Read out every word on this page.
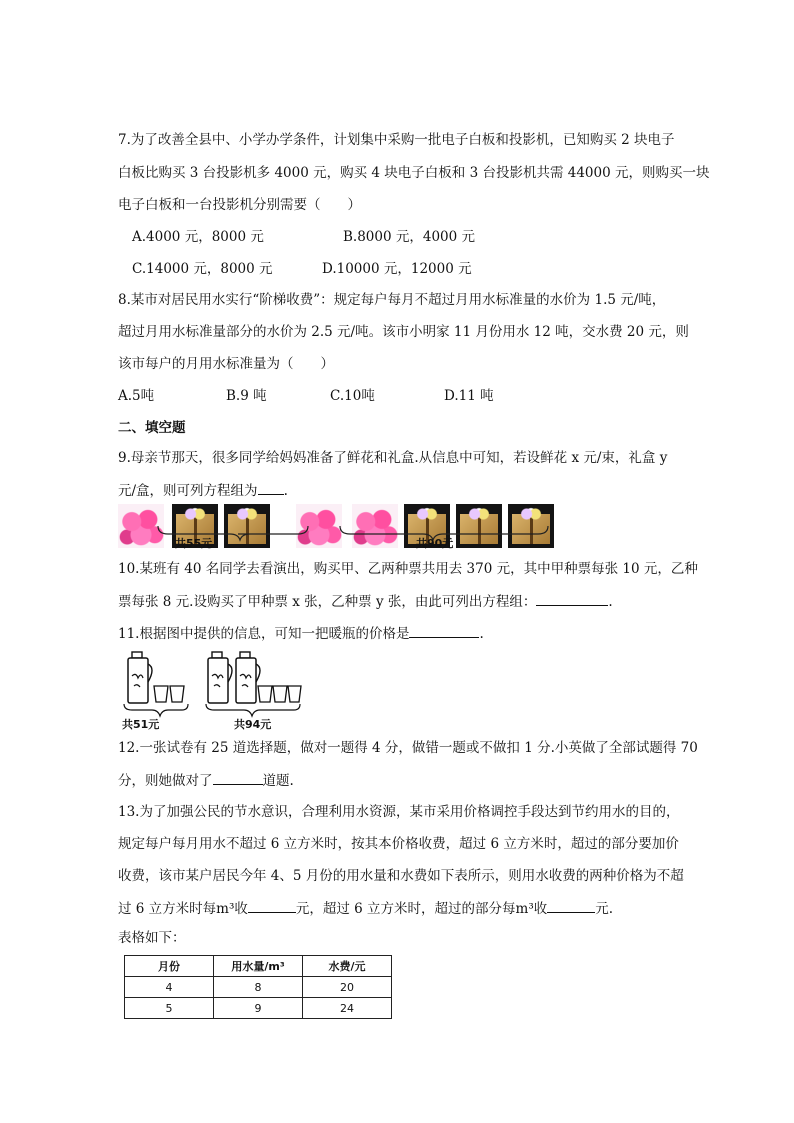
7.为了改善全县中、小学办学条件，计划集中采购一批电子白板和投影机，已知购买 2 块电子
白板比购买 3 台投影机多 4000 元，购买 4 块电子白板和 3 台投影机共需 44000 元，则购买一块
电子白板和一台投影机分别需要（　　）
A.4000 元，8000 元	B.8000 元，4000 元
C.14000 元，8000 元	D.10000 元，12000 元
8.某市对居民用水实行“阶梯收费”：规定每户每月不超过月用水标准量的水价为 1.5 元/吨，
超过月用水标准量部分的水价为 2.5 元/吨。该市小明家 11 月份用水 12 吨，交水费 20 元，则
该市每户的月用水标准量为（　　）
A.5吨	B.9 吨	C.10吨	D.11 吨
二、填空题
9.母亲节那天，很多同学给妈妈准备了鲜花和礼盒.从信息中可知，若设鲜花 x 元/束，礼盒 y
元/盒，则可列方程组为 .
共55元	共90元
10.某班有 40 名同学去看演出，购买甲、乙两种票共用去 370 元，其中甲种票每张 10 元，乙种
票每张 8 元.设购买了甲种票 x 张，乙种票 y 张，由此可列出方程组：	.
11.根据图中提供的信息，可知一把暖瓶的价格是	.
共51元	共94元
12.一张试卷有 25 道选择题，做对一题得 4 分，做错一题或不做扣 1 分.小英做了全部试题得 70
分，则她做对了	道题.
13.为了加强公民的节水意识，合理利用水资源，某市采用价格调控手段达到节约用水的目的，
规定每户每月用水不超过 6 立方米时，按其本价格收费，超过 6 立方米时，超过的部分要加价
收费，该市某户居民今年 4、5 月份的用水量和水费如下表所示，则用水收费的两种价格为不超
过 6 立方米时每m³收	元，超过 6 立方米时，超过的部分每m³收	元.
表格如下：
月份	用水量/m³	水费/元
4	8	20
5	9	24
